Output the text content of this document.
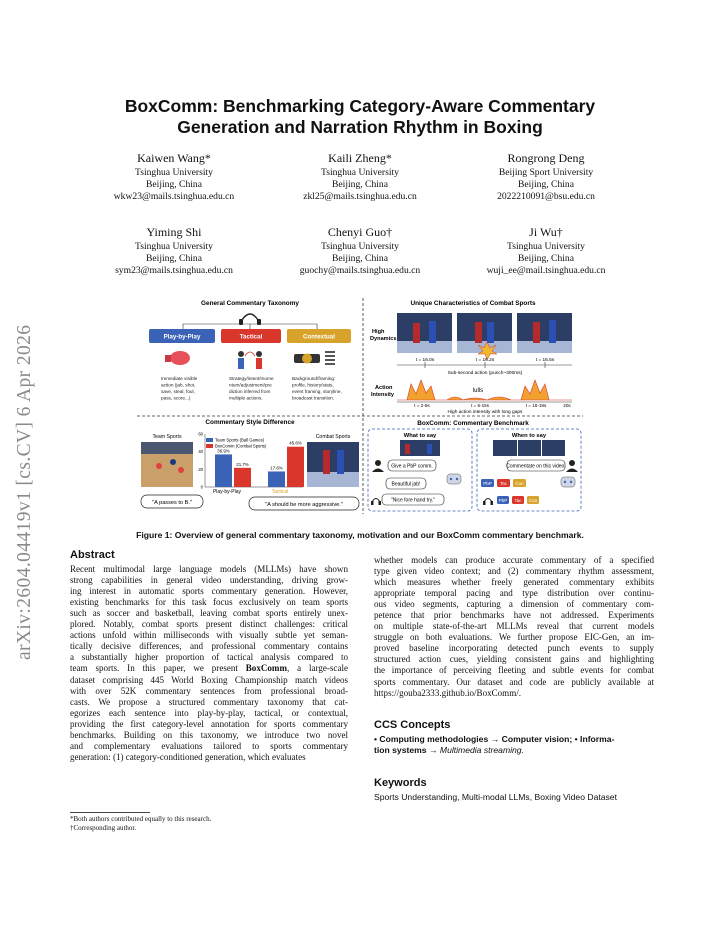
arXiv:2604.04419v1 [cs.CV] 6 Apr 2026
BoxComm: Benchmarking Category-Aware Commentary
Generation and Narration Rhythm in Boxing
Kaiwen Wang*
Tsinghua University
Beijing, China
wkw23@mails.tsinghua.edu.cn
Kaili Zheng*
Tsinghua University
Beijing, China
zkl25@mails.tsinghua.edu.cn
Rongrong Deng
Beijing Sport University
Beijing, China
2022210091@bsu.edu.cn
Yiming Shi
Tsinghua University
Beijing, China
sym23@mails.tsinghua.edu.cn
Chenyi Guo†
Tsinghua University
Beijing, China
guochy@mails.tsinghua.edu.cn
Ji Wu†
Tsinghua University
Beijing, China
wuji_ee@mail.tsinghua.edu.cn
General Commentary Taxonomy
Play-by-Play	Tactical	Contextual
Immediate visible
action (jab, shot,
save, steal, foul,
pass, score...)
Strategy/intent/mome
ntum/adjustment/pre
diction inferred from
multiple actions.
Background/framing:
profile, history/stats,
event framing, storyline,
broadcast transition.
Unique Characteristics of Combat Sports
High
Dynamics
t = 16.0s	t = 16.2s	t = 16.5s
Sub-second action (punch~300ms)
Action
Intensity
lulls
t = 2-5s	t = 6-15s	t = 16-19s	20s
High action intensity with long gaps
Commentary Style Difference
Team Sports	Combat Sports
0
20
40
60
36.9%
21.7%
17.6%
45.6%
Play-by-Play	Tactical
Team Sports (Ball Games)
BoxComm (Combat Sports)
"A passes to B."	"A should be more aggressive."
BoxComm: Commentary Benchmark
What to say	When to say
Give a PbP comm.
Beautiful jab!
"Nice fore hand try."
Commentate on this video.
PbP Tac Con
PbP Tac Con
Figure 1: Overview of general commentary taxonomy, motivation and our BoxComm commentary benchmark.
Abstract
Recent multimodal large language models (MLLMs) have shown
strong capabilities in general video understanding, driving grow-
ing interest in automatic sports commentary generation. However,
existing benchmarks for this task focus exclusively on team sports
such as soccer and basketball, leaving combat sports entirely unex-
plored. Notably, combat sports present distinct challenges: critical
actions unfold within milliseconds with visually subtle yet seman-
tically decisive differences, and professional commentary contains
a substantially higher proportion of tactical analysis compared to
team sports. In this paper, we present BoxComm, a large-scale
dataset comprising 445 World Boxing Championship match videos
with over 52K commentary sentences from professional broad-
casts. We propose a structured commentary taxonomy that cat-
egorizes each sentence into play-by-play, tactical, or contextual,
providing the first category-level annotation for sports commentary
benchmarks. Building on this taxonomy, we introduce two novel
and complementary evaluations tailored to sports commentary
generation: (1) category-conditioned generation, which evaluates
whether models can produce accurate commentary of a specified
type given video context; and (2) commentary rhythm assessment,
which measures whether freely generated commentary exhibits
appropriate temporal pacing and type distribution over continu-
ous video segments, capturing a dimension of commentary com-
petence that prior benchmarks have not addressed. Experiments
on multiple state-of-the-art MLLMs reveal that current models
struggle on both evaluations. We further propose EIC-Gen, an im-
proved baseline incorporating detected punch events to supply
structured action cues, yielding consistent gains and highlighting
the importance of perceiving fleeting and subtle events for combat
sports commentary. Our dataset and code are publicly available at
https://gouba2333.github.io/BoxComm/.
CCS Concepts
• Computing methodologies → Computer vision; • Informa-
tion systems → Multimedia streaming.
Keywords
Sports Understanding, Multi-modal LLMs, Boxing Video Dataset
*Both authors contributed equally to this research.
†Corresponding author.
